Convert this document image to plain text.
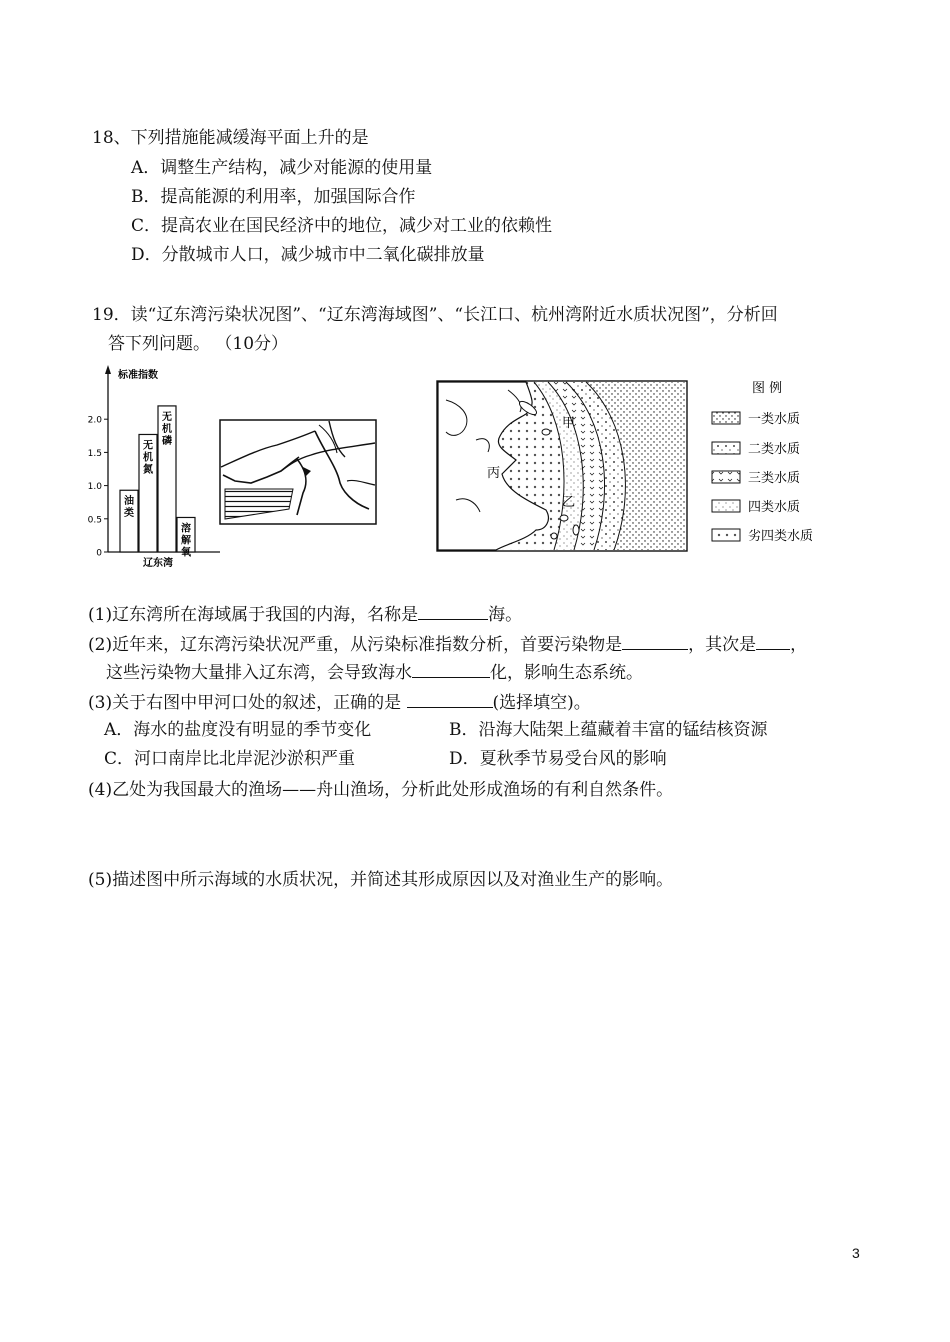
18、下列措施能减缓海平面上升的是
A．调整生产结构，减少对能源的使用量
B．提高能源的利用率，加强国际合作
C．提高农业在国民经济中的地位，减少对工业的依赖性
D．分散城市人口，减少城市中二氧化碳排放量
19．读“辽东湾污染状况图”、“辽东湾海域图”、“长江口、杭州湾附近水质状况图”，分析回
答下列问题。 （10分）
0
0.5
1.0
1.5
2.0
油
类
无
机
氮
无
机
磷
溶
解
氧
标准指数
辽东湾
甲
乙
丙
图 例
一类水质
二类水质
三类水质
四类水质
劣四类水质
(1)辽东湾所在海域属于我国的内海，名称是	海。
(2)近年来，辽东湾污染状况严重，从污染标准指数分析，首要污染物是	，其次是 ，
这些污染物大量排入辽东湾，会导致海水	化，影响生态系统。
(3)关于右图中甲河口处的叙述，正确的是	(选择填空)。
A．海水的盐度没有明显的季节变化	B．沿海大陆架上蕴藏着丰富的锰结核资源
C．河口南岸比北岸泥沙淤积严重	D．夏秋季节易受台风的影响
(4)乙处为我国最大的渔场——舟山渔场，分析此处形成渔场的有利自然条件。
(5)描述图中所示海域的水质状况，并简述其形成原因以及对渔业生产的影响。
3
